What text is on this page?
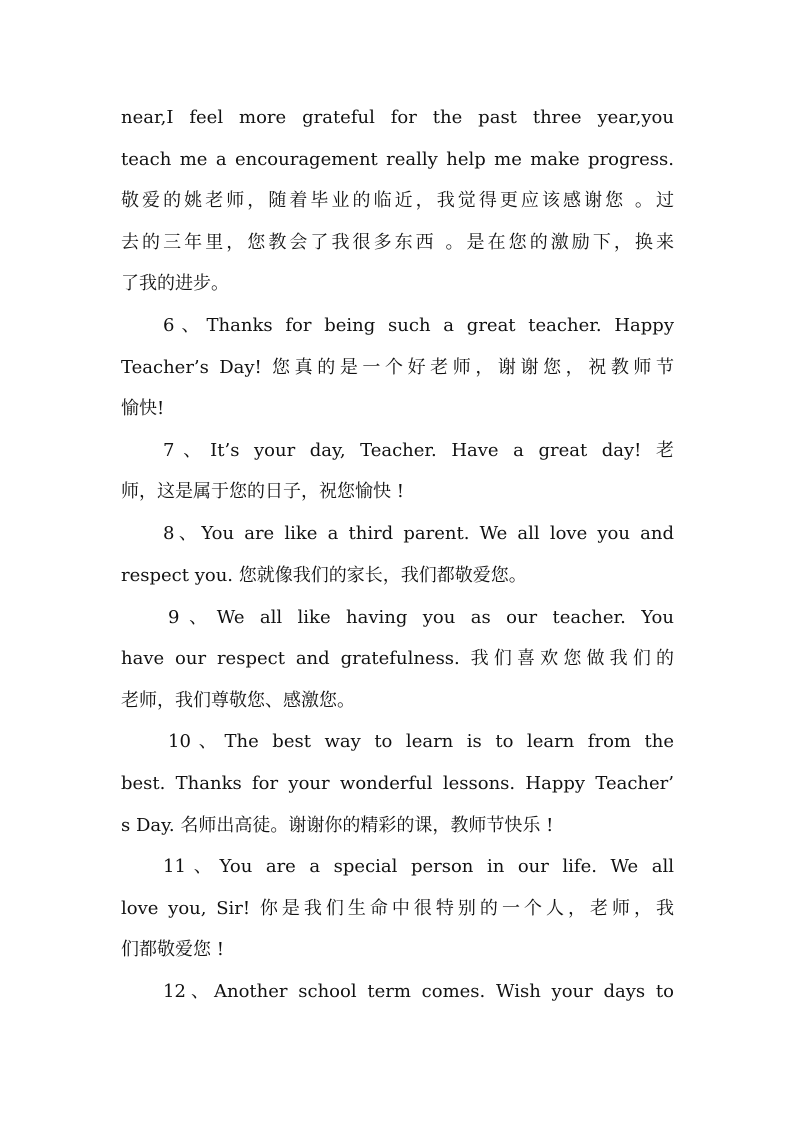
near,I feel more grateful for the past three year,you
teach me a encouragement really help me make progress.
敬爱的姚老师，随着毕业的临近，我觉得更应该感谢您 。过
去的三年里，您教会了我很多东西 。是在您的激励下，换来
了我的进步。
6、Thanks for being such a great teacher. Happy
Teacher’s Day! 您真的是一个好老师，谢谢您，祝教师节
愉快!
7、It’s your day, Teacher. Have a great day! 老
师，这是属于您的日子，祝您愉快 !
8、You are like a third parent. We all love you and
respect you. 您就像我们的家长，我们都敬爱您。
9、We all like having you as our teacher. You
have our respect and gratefulness. 我们喜欢您做我们的
老师，我们尊敬您、感激您。
10、The best way to learn is to learn from the
best. Thanks for your wonderful lessons. Happy Teacher’
s Day. 名师出高徒。谢谢你的精彩的课，教师节快乐 !
11、You are a special person in our life. We all
love you, Sir! 你是我们生命中很特别的一个人，老师，我
们都敬爱您 !
12、Another school term comes. Wish your days to
